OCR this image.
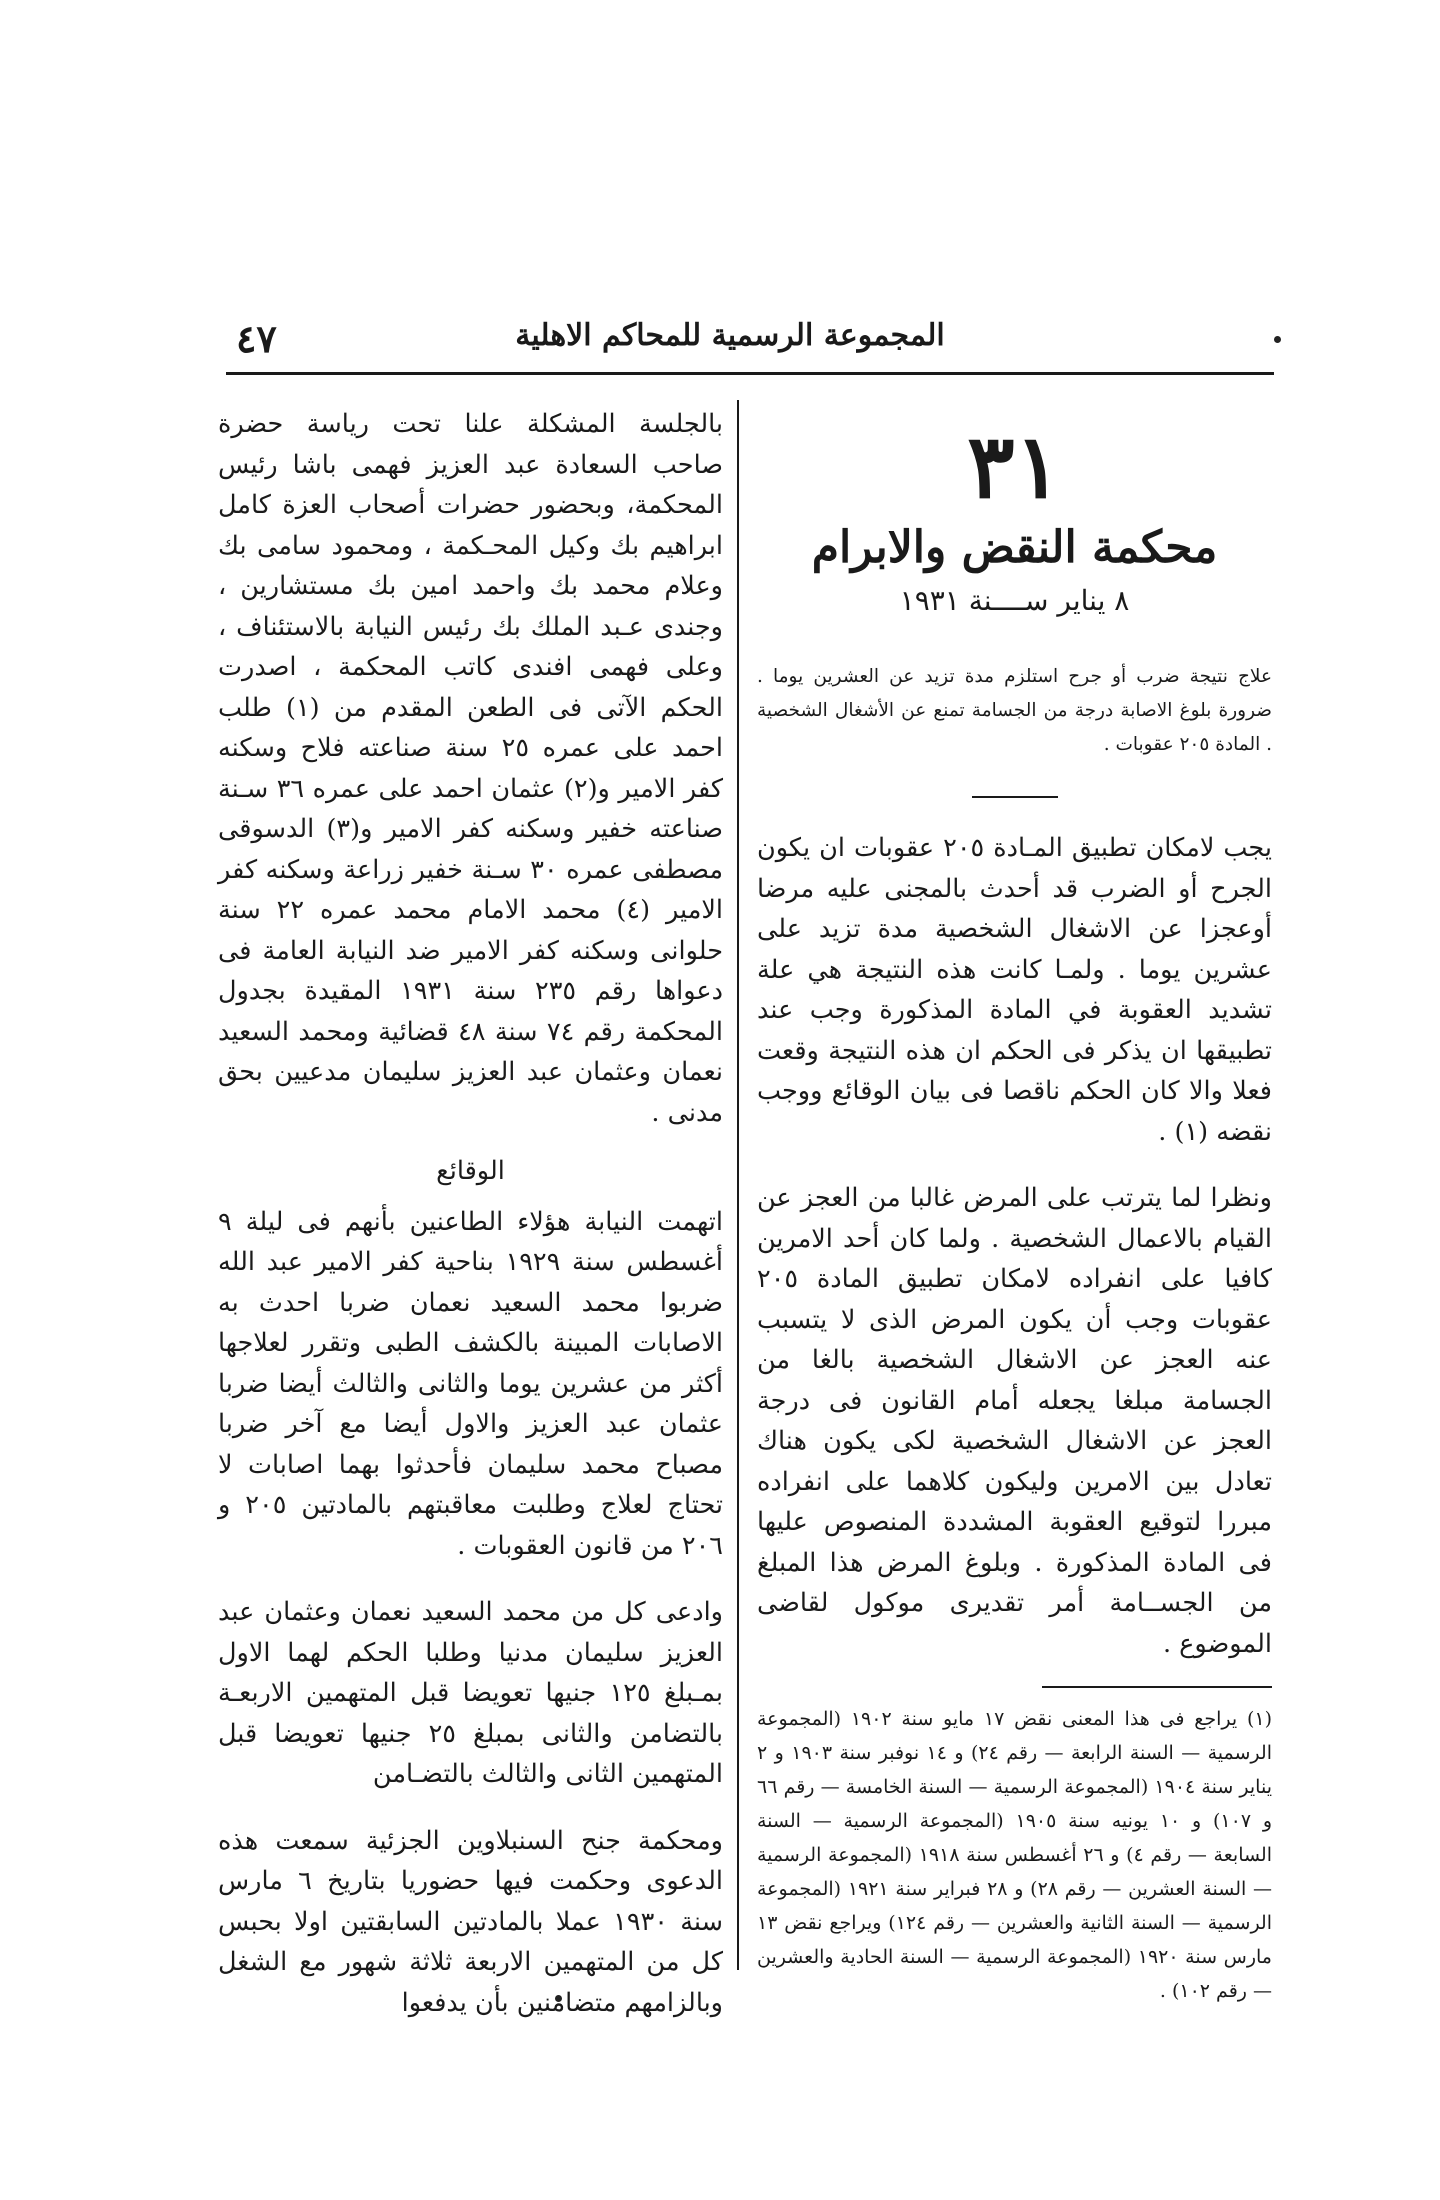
٤٧	المجموعة الرسمية للمحاكم الاهلية
٣١
محكمة النقض والابرام
٨ يناير ســــنة ١٩٣١
علاج نتيجة ضرب أو جرح استلزم مدة تزيد عن العشرين يوما . ضرورة بلوغ الاصابة درجة من الجسامة تمنع عن الأشغال الشخصية . المادة ٢٠٥ عقوبات .

يجب لامكان تطبيق المـادة ٢٠٥ عقوبات ان يكون الجرح أو الضرب قد أحدث بالمجنى عليه مرضا أوعجزا عن الاشغال الشخصية مدة تزيد على عشرين يوما . ولمـا كانت هذه النتيجة هي علة تشديد العقوبة في المادة المذكورة وجب عند تطبيقها ان يذكر فى الحكم ان هذه النتيجة وقعت فعلا والا كان الحكم ناقصا فى بيان الوقائع ووجب نقضه (١) .

ونظرا لما يترتب على المرض غالبا من العجز عن القيام بالاعمال الشخصية . ولما كان أحد الامرين كافيا على انفراده لامكان تطبيق المادة ٢٠٥ عقوبات وجب أن يكون المرض الذى لا يتسبب عنه العجز عن الاشغال الشخصية بالغا من الجسامة مبلغا يجعله أمام القانون فى درجة العجز عن الاشغال الشخصية لكى يكون هناك تعادل بين الامرين وليكون كلاهما على انفراده مبررا لتوقيع العقوبة المشددة المنصوص عليها فى المادة المذكورة . وبلوغ المرض هذا المبلغ من الجســامة أمر تقديرى موكول لقاضى الموضوع .

(١) يراجع فى هذا المعنى نقض ١٧ مايو سنة ١٩٠٢ (المجموعة الرسمية — السنة الرابعة — رقم ٢٤) و ١٤ نوفبر سنة ١٩٠٣ و ٢ يناير سنة ١٩٠٤ (المجموعة الرسمية — السنة الخامسة — رقم ٦٦ و ١٠٧) و ١٠ يونيه سنة ١٩٠٥ (المجموعة الرسمية — السنة السابعة — رقم ٤) و ٢٦ أغسطس سنة ١٩١٨ (المجموعة الرسمية — السنة العشرين — رقم ٢٨) و ٢٨ فبراير سنة ١٩٢١ (المجموعة الرسمية — السنة الثانية والعشرين — رقم ١٢٤) ويراجع نقض ١٣ مارس سنة ١٩٢٠ (المجموعة الرسمية — السنة الحادية والعشرين — رقم ١٠٢) .

بالجلسة المشكلة علنا تحت رياسة حضرة صاحب السعادة عبد العزيز فهمى باشا رئيس المحكمة، وبحضور حضرات أصحاب العزة كامل ابراهيم بك وكيل المحـكمة ، ومحمود سامى بك وعلام محمد بك واحمد امين بك مستشارين ، وجندى عـبد الملك بك رئيس النيابة بالاستئناف ، وعلى فهمى افندى كاتب المحكمة ، اصدرت الحكم الآتى فى الطعن المقدم من (١) طلب احمد على عمره ٢٥ سنة صناعته فلاح وسكنه كفر الامير و(٢) عثمان احمد على عمره ٣٦ سـنة صناعته خفير وسكنه كفر الامير و(٣) الدسوقى مصطفى عمره ٣٠ سـنة خفير زراعة وسكنه كفر الامير (٤) محمد الامام محمد عمره ٢٢ سنة حلوانى وسكنه كفر الامير ضد النيابة العامة فى دعواها رقم ٢٣٥ سنة ١٩٣١ المقيدة بجدول المحكمة رقم ٧٤ سنة ٤٨ قضائية ومحمد السعيد نعمان وعثمان عبد العزيز سليمان مدعيين بحق مدنى .

الوقائع

اتهمت النيابة هؤلاء الطاعنين بأنهم فى ليلة ٩ أغسطس سنة ١٩٢٩ بناحية كفر الامير عبد الله ضربوا محمد السعيد نعمان ضربا احدث به الاصابات المبينة بالكشف الطبى وتقرر لعلاجها أكثر من عشرين يوما والثانى والثالث أيضا ضربا عثمان عبد العزيز والاول أيضا مع آخر ضربا مصباح محمد سليمان فأحدثوا بهما اصابات لا تحتاج لعلاج وطلبت معاقبتهم بالمادتين ٢٠٥ و ٢٠٦ من قانون العقوبات .

وادعى كل من محمد السعيد نعمان وعثمان عبد العزيز سليمان مدنيا وطلبا الحكم لهما الاول بمـبلغ ١٢٥ جنيها تعويضا قبل المتهمين الاربعـة بالتضامن والثانى بمبلغ ٢٥ جنيها تعويضا قبل المتهمين الثانى والثالث بالتضـامن

ومحكمة جنح السنبلاوين الجزئية سمعت هذه الدعوى وحكمت فيها حضوريا بتاريخ ٦ مارس سنة ١٩٣٠ عملا بالمادتين السابقتين اولا بحبس كل من المتهمين الاربعة ثلاثة شهور مع الشغل وبالزامهم متضامنين بأن يدفعوا
